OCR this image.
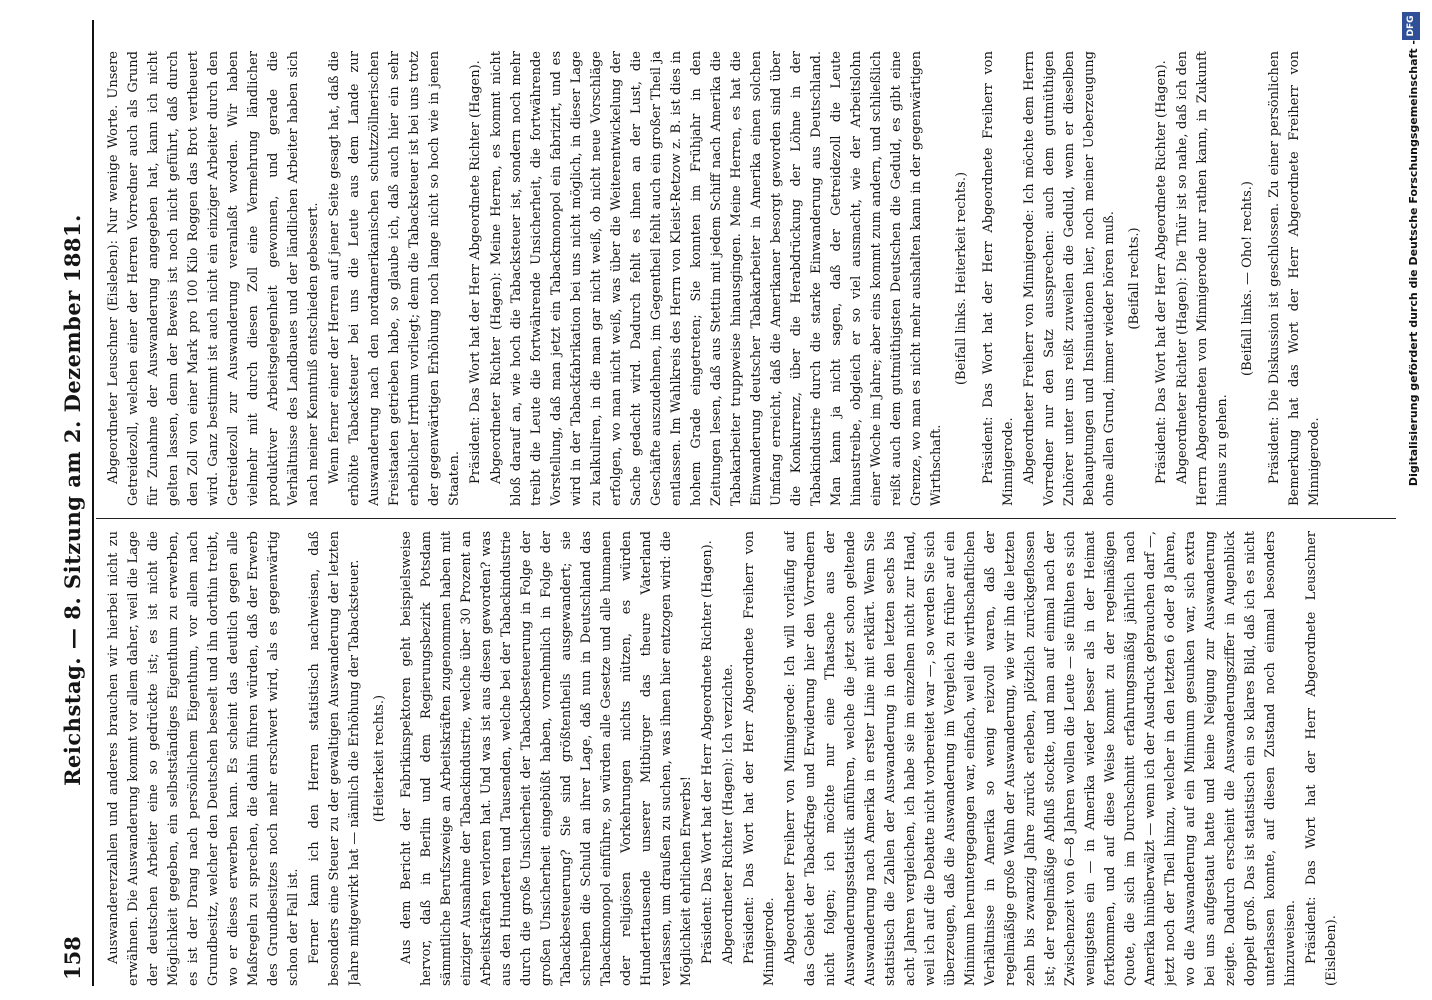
158
Reichstag. — 8. Sitzung am 2. Dezember 1881. Auswandererzahlen und anderes brauchen wir hierbei nicht zu erwähnen. Die Auswanderung kommt vor allem daher, weil die Lage der deutschen Arbeiter eine so gedrückte ist; es ist nicht die Möglichkeit gegeben, ein selbstständiges Eigenthum zu erwerben, es ist der Drang nach persönlichem Eigenthum, vor allem nach Grundbesitz, welcher den Deutschen beseelt und ihn dorthin treibt, wo er dieses erwerben kann. Es scheint das deutlich gegen alle Maßregeln zu sprechen, die dahin führen würden, daß der Erwerb des Grundbesitzes noch mehr erschwert wird, als es gegenwärtig schon der Fall ist. Ferner kann ich den Herren statistisch nachweisen, daß besonders eine Steuer zu der gewaltigen Auswanderung der letzten Jahre mitgewirkt hat — nämlich die Erhöhung der Tabacksteuer. (Heiterkeit rechts.) Aus dem Bericht der Fabrikinspektoren geht beispielsweise hervor, daß in Berlin und dem Regierungsbezirk Potsdam sämmtliche Berufszweige an Arbeitskräften zugenommen haben mit einziger Ausnahme der Tabackindustrie, welche über 30 Prozent an Arbeitskräften verloren hat. Und was ist aus diesen geworden? was aus den Hunderten und Tausenden, welche bei der Tabackindustrie durch die große Unsicherheit der Tabackbesteuerung in Folge der großen Unsicherheit eingebüßt haben, vornehmlich in Folge der Tabackbesteuerung? Sie sind größtentheils ausgewandert; sie schreiben die Schuld an ihrer Lage, daß nun in Deutschland das Tabackmonopol einführe, so würden alle Gesetze und alle humanen oder religiösen Vorkehrungen nichts nützen, es würden Hunderttausende unserer Mitbürger das theure Vaterland verlassen, um draußen zu suchen, was ihnen hier entzogen wird: die Möglichkeit ehrlichen Erwerbs! Präsident: Das Wort hat der Herr Abgeordnete Richter (Hagen). Abgeordneter Richter (Hagen): Ich verzichte. Präsident: Das Wort hat der Herr Abgeordnete Freiherr von Minnigerode. Abgeordneter Freiherr von Minnigerode: Ich will vorläufig auf das Gebiet der Tabackfrage und Erwiderung hier den Vorrednern nicht folgen; ich möchte nur eine Thatsache aus der Auswanderungsstatistik anführen, welche die jetzt schon geltende Auswanderung nach Amerika in erster Linie mit erklärt. Wenn Sie statistisch die Zahlen der Auswanderung in den letzten sechs bis acht Jahren vergleichen, ich habe sie im einzelnen nicht zur Hand, weil ich auf die Debatte nicht vorbereitet war —, so werden Sie sich überzeugen, daß die Auswanderung im Vergleich zu früher auf ein Minimum heruntergegangen war, einfach, weil die wirthschaftlichen Verhältnisse in Amerika so wenig reizvoll waren, daß der regelmäßige große Wahn der Auswanderung, wie wir ihn die letzten zehn bis zwanzig Jahre zurück erleben, plötzlich zurückgeflossen ist; der regelmäßige Abfluß stockte, und man auf einmal nach der Zwischenzeit von 6—8 Jahren wollen die Leute — sie fühlten es sich wenigstens ein — in Amerika wieder besser als in der Heimat fortkommen, und auf diese Weise kommt zu der regelmäßigen Quote, die sich im Durchschnitt erfahrungsmäßig jährlich nach Amerika hinüberwälzt — wenn ich der Ausdruck gebrauchen darf —, jetzt noch der Theil hinzu, welcher in den letzten 6 oder 8 Jahren, wo die Auswanderung auf ein Minimum gesunken war, sich extra bei uns aufgestaut hatte und keine Neigung zur Auswanderung zeigte. Dadurch erscheint die Auswanderungsziffer in Augenblick doppelt groß. Das ist statistisch ein so klares Bild, daß ich es nicht unterlassen konnte, auf diesen Zustand noch einmal besonders hinzuweisen. Präsident: Das Wort hat der Herr Abgeordnete Leuschner (Eisleben).

Abgeordneter Leuschner (Eisleben): Nur wenige Worte. Unsere Getreidezoll, welchen einer der Herren Vorredner auch als Grund für Zunahme der Auswanderung angegeben hat, kann ich nicht gelten lassen, denn der Beweis ist noch nicht geführt, daß durch den Zoll von einer Mark pro 100 Kilo Roggen das Brot vertheuert wird. Ganz bestimmt ist auch nicht ein einziger Arbeiter durch den Getreidezoll zur Auswanderung veranlaßt worden. Wir haben vielmehr mit durch diesen Zoll eine Vermehrung ländlicher produktiver Arbeitsgelegenheit gewonnen, und gerade die Verhältnisse des Landbaues und der ländlichen Arbeiter haben sich nach meiner Kenntniß entschieden gebessert. Wenn ferner einer der Herren auf jener Seite gesagt hat, daß die erhöhte Tabacksteuer bei uns die Leute aus dem Lande zur Auswanderung nach den nordamerikanischen schutzzöllnerischen Freistaaten getrieben habe, so glaube ich, daß auch hier ein sehr erheblicher Irrthum vorliegt; denn die Tabacksteuer ist bei uns trotz der gegenwärtigen Erhöhung noch lange nicht so hoch wie in jenen Staaten. Präsident: Das Wort hat der Herr Abgeordnete Richter (Hagen). Abgeordneter Richter (Hagen): Meine Herren, es kommt nicht bloß darauf an, wie hoch die Tabacksteuer ist, sondern noch mehr treibt die Leute die fortwährende Unsicherheit, die fortwährende Vorstellung, daß man jetzt ein Tabackmonopol ein fabrizirt, und es wird in der Tabackfabrikation bei uns nicht möglich, in dieser Lage zu kalkuliren, in die man gar nicht weiß, ob nicht neue Vorschläge erfolgen, wo man nicht weiß, was über die Weiterentwickelung der Sache gedacht wird. Dadurch fehlt es ihnen an der Lust, die Geschäfte auszudehnen, im Gegentheil fehlt auch ein großer Theil ja entlassen. Im Wahlkreis des Herrn von Kleist-Retzow z. B. ist dies in hohem Grade eingetreten; Sie konnten im Frühjahr in den Zeitungen lesen, daß aus Stettin mit jedem Schiff nach Amerika die Tabakarbeiter truppweise hinausgingen. Meine Herren, es hat die Einwanderung deutscher Tabakarbeiter in Amerika einen solchen Umfang erreicht, daß die Amerikaner besorgt geworden sind über die Konkurrenz, über die Herabdrückung der Löhne in der Tabakindustrie durch die starke Einwanderung aus Deutschland. Man kann ja nicht sagen, daß der Getreidezoll die Leute hinaustreibe, obgleich er so viel ausmacht, wie der Arbeitslohn einer Woche im Jahre; aber eins kommt zum andern, und schließlich reißt auch dem gutmüthigsten Deutschen die Geduld, es gibt eine Grenze, wo man es nicht mehr aushalten kann in der gegenwärtigen Wirthschaft.

(Beifall links. Heiterkeit rechts.) Präsident: Das Wort hat der Herr Abgeordnete Freiherr von Minnigerode. Abgeordneter Freiherr von Minnigerode: Ich möchte dem Herrn Vorredner nur den Satz aussprechen: auch dem gutmüthigen Zuhörer unter uns reißt zuweilen die Geduld, wenn er dieselben Behauptungen und Insinuationen hier, noch meiner Ueberzeugung ohne allen Grund, immer wieder hören muß. (Beifall rechts.) Präsident: Das Wort hat der Herr Abgeordnete Richter (Hagen). Abgeordneter Richter (Hagen): Die Thür ist so nahe, daß ich den Herrn Abgeordneten von Minnigerode nur rathen kann, in Zukunft hinaus zu gehen.

(Beifall links. — Oho! rechts.) Präsident: Die Diskussion ist geschlossen. Zu einer persönlichen Bemerkung hat das Wort der Herr Abgeordnete Freiherr von Minnigerode.	Digitalisierung gefördert durch die Deutsche Forschungsgemeinschaft -
DFG
